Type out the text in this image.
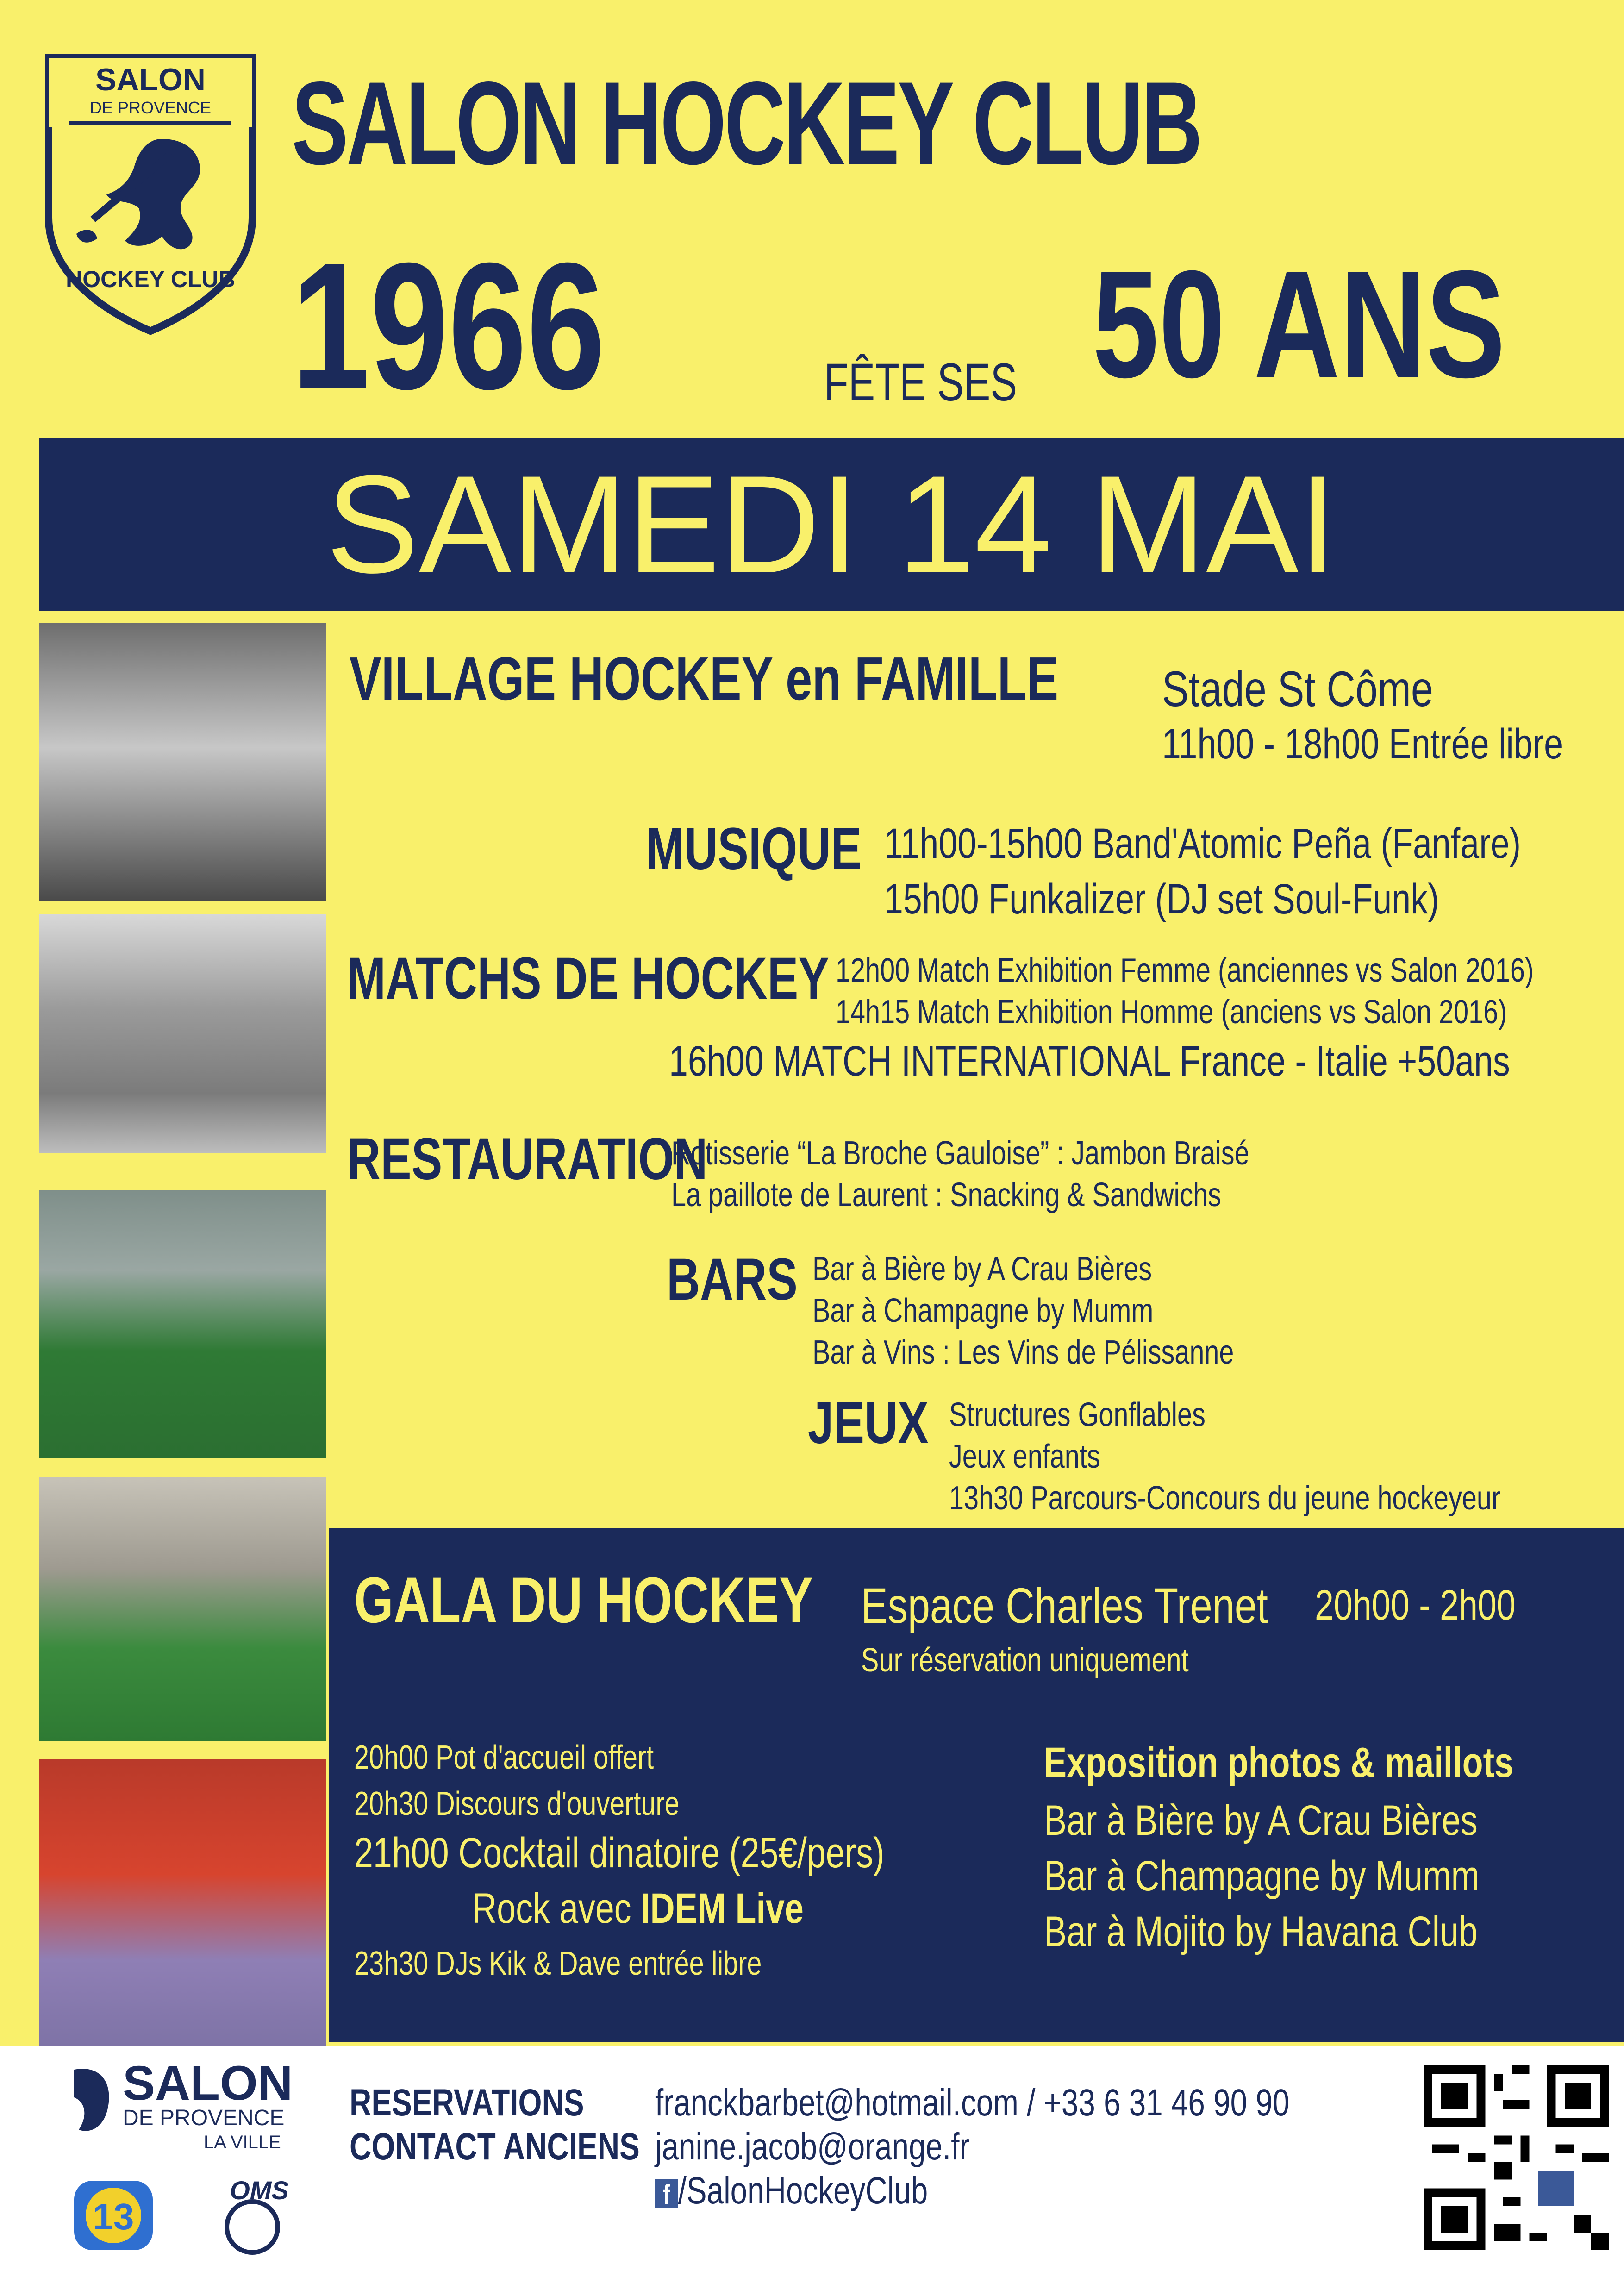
SALON
DE PROVENCE
HOCKEY CLUB
SALON HOCKEY CLUB
1966	FÊTE SES 50 ANS
SAMEDI 14 MAI
VILLAGE HOCKEY en FAMILLE Stade St Côme
11h00 - 18h00 Entrée libre
MUSIQUE 11h00-15h00 Band'Atomic Peña (Fanfare)
15h00 Funkalizer (DJ set Soul-Funk)
MATCHS DE HOCKEY 12h00 Match Exhibition Femme (anciennes vs Salon 2016)
14h15 Match Exhibition Homme (anciens vs Salon 2016)
16h00 MATCH INTERNATIONAL France - Italie +50ans
RESTAURATION
Rotisserie “La Broche Gauloise” : Jambon Braisé
La paillote de Laurent : Snacking & Sandwichs
BARS Bar à Bière by A Crau Bières
Bar à Champagne by Mumm
Bar à Vins : Les Vins de Pélissanne
JEUX Structures Gonflables
Jeux enfants
13h30 Parcours-Concours du jeune hockeyeur
GALA DU HOCKEY Espace Charles Trenet 20h00 - 2h00
Sur réservation uniquement
20h00 Pot d'accueil offert
20h30 Discours d'ouverture
21h00 Cocktail dinatoire (25€/pers)
Rock avec IDEM Live
23h30 DJs Kik & Dave entrée libre
Exposition photos & maillots
Bar à Bière by A Crau Bières
Bar à Champagne by Mumm
Bar à Mojito by Havana Club
SALON
DE PROVENCE
LA VILLE
13
OMS
RESERVATIONS
CONTACT ANCIENS
franckbarbet@hotmail.com / +33 6 31 46 90 90
janine.jacob@orange.fr
f /SalonHockeyClub
